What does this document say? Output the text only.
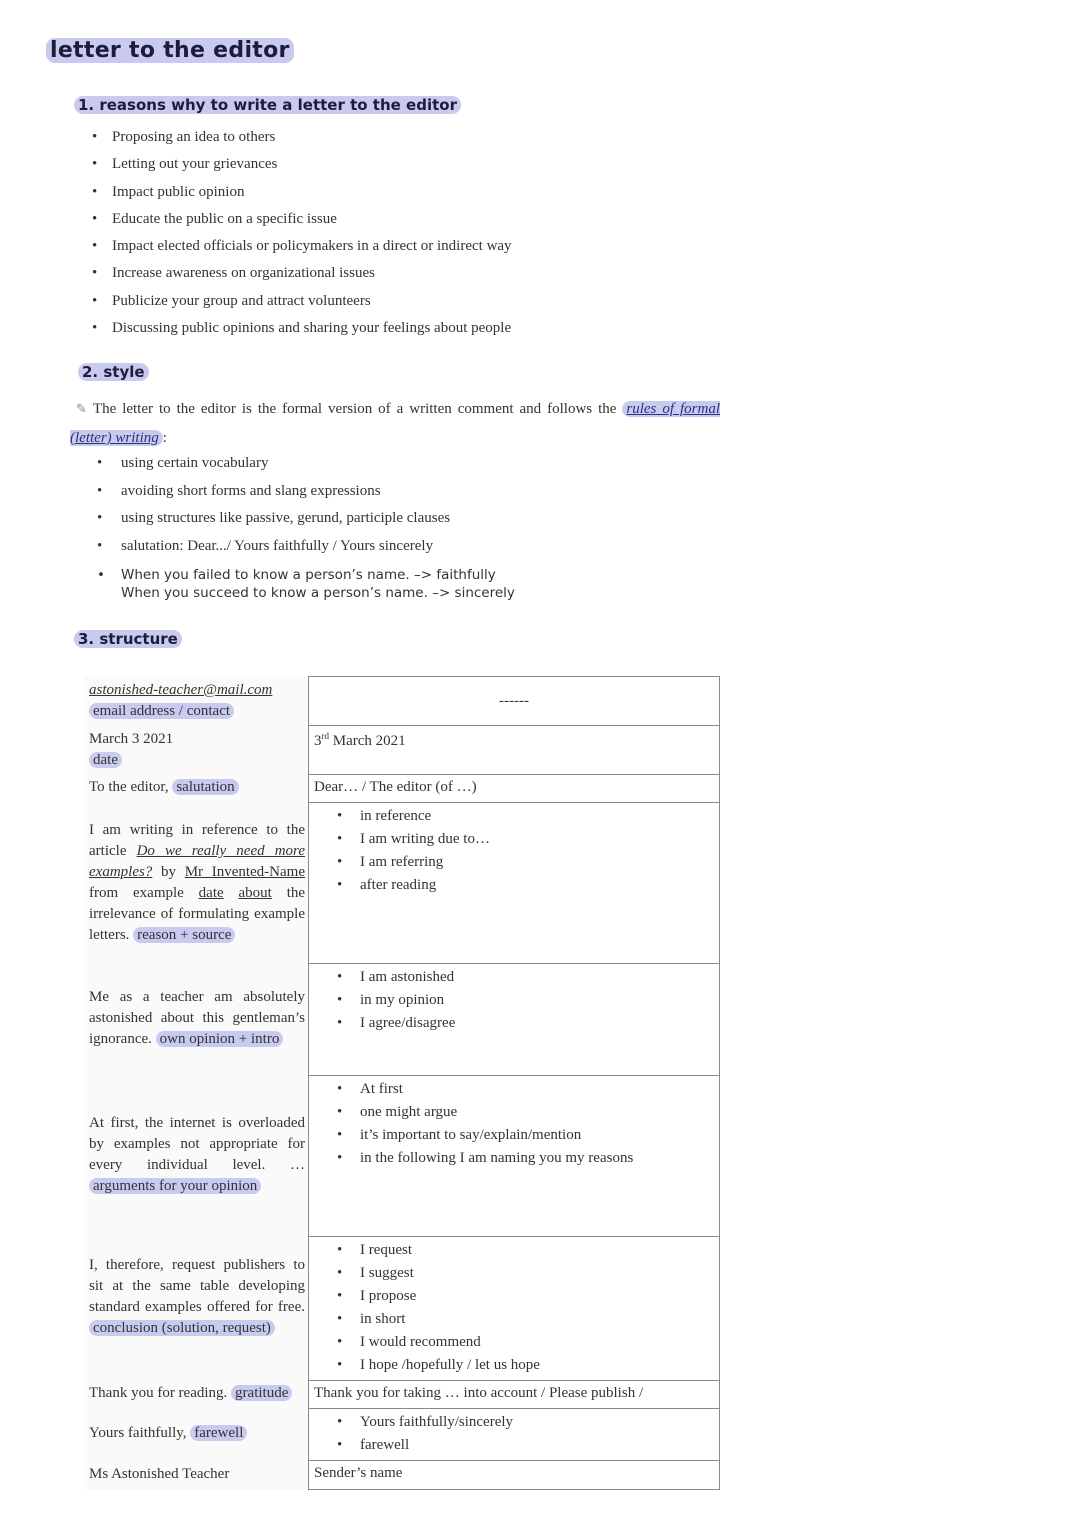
letter to the editor
1. reasons why to write a letter to the editor
• Proposing an idea to others
• Letting out your grievances
• Impact public opinion
• Educate the public on a specific issue
• Impact elected officials or policymakers in a direct or indirect way
• Increase awareness on organizational issues
• Publicize your group and attract volunteers
• Discussing public opinions and sharing your feelings about people
2. style
✎ The letter to the editor is the formal version of a written comment and follows the rules of formal (letter) writing :
• using certain vocabulary
• avoiding short forms and slang expressions
• using structures like passive, gerund, participle clauses
• salutation: Dear.../ Yours faithfully / Yours sincerely
• When you failed to know a person’s name. –> faithfully
When you succeed to know a person’s name. –> sincerely
3. structure
astonished-teacher@mail.com
email address / contact
March 3 2021
date
To the editor, salutation
I am writing in reference to the article Do we really need more examples? by Mr Invented-Name from example date about the irrelevance of formulating example letters. reason + source
Me as a teacher am absolutely astonished about this gentleman’s ignorance. own opinion + intro
At first, the internet is overloaded by examples not appropriate for every individual level. … arguments for your opinion
I, therefore, request publishers to sit at the same table developing standard examples offered for free. conclusion (solution, request)
Thank you for reading. gratitude
Yours faithfully, farewell
Ms Astonished Teacher
------
3rd March 2021
Dear… / The editor (of …)
• in reference
• I am writing due to…
• I am referring
• after reading
• I am astonished
• in my opinion
• I agree/disagree
• At first
• one might argue
• it’s important to say/explain/mention
• in the following I am naming you my reasons
• I request
• I suggest
• I propose
• in short
• I would recommend
• I hope /hopefully / let us hope
Thank you for taking … into account / Please publish /
• Yours faithfully/sincerely
• farewell
Sender’s name
